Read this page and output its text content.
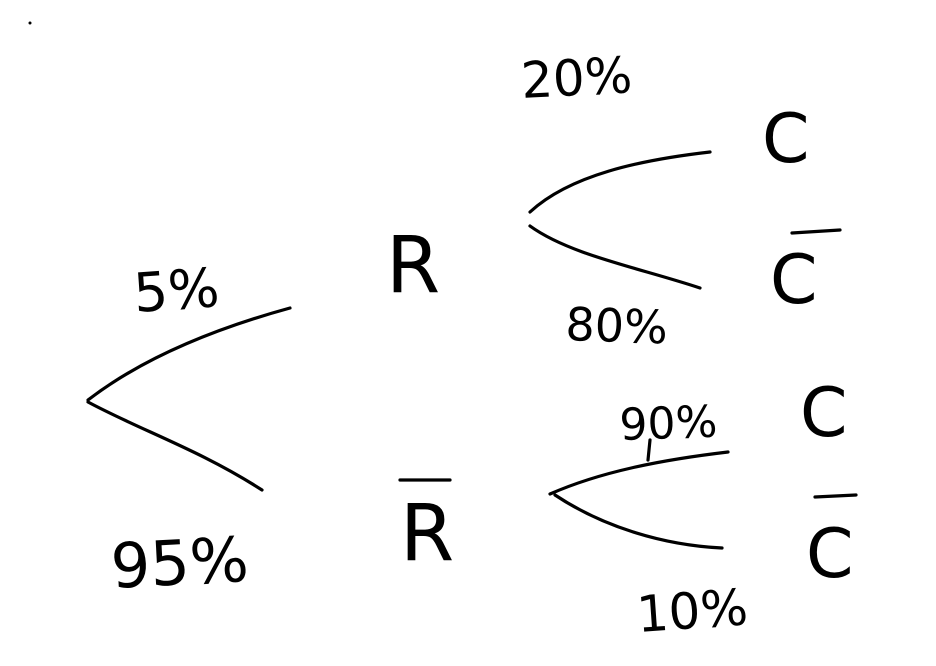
5%
95%
20%
80%
90%
10%
R
R
C
C
C
C
